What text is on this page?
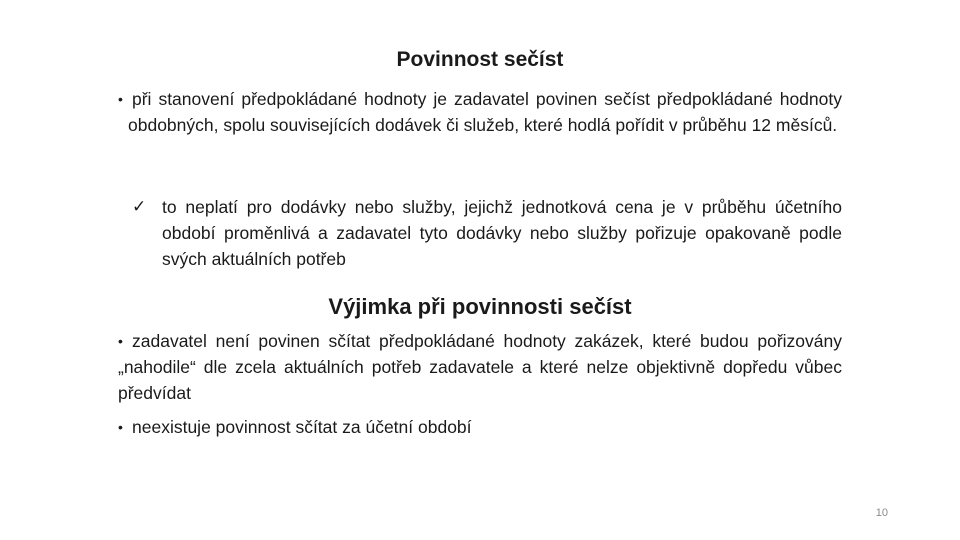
Povinnost sečíst

• při stanovení předpokládané hodnoty je zadavatel povinen sečíst předpokládané hodnoty obdobných, spolu souvisejících dodávek či služeb, které hodlá pořídit v průběhu 12 měsíců.

✓ to neplatí pro dodávky nebo služby, jejichž jednotková cena je v průběhu účetního období proměnlivá a zadavatel tyto dodávky nebo služby pořizuje opakovaně podle svých aktuálních potřeb

Výjimka při povinnosti sečíst

• zadavatel není povinen sčítat předpokládané hodnoty zakázek, které budou pořizovány „nahodile“ dle zcela aktuálních potřeb zadavatele a které nelze objektivně dopředu vůbec předvídat

• neexistuje povinnost sčítat za účetní období

10
